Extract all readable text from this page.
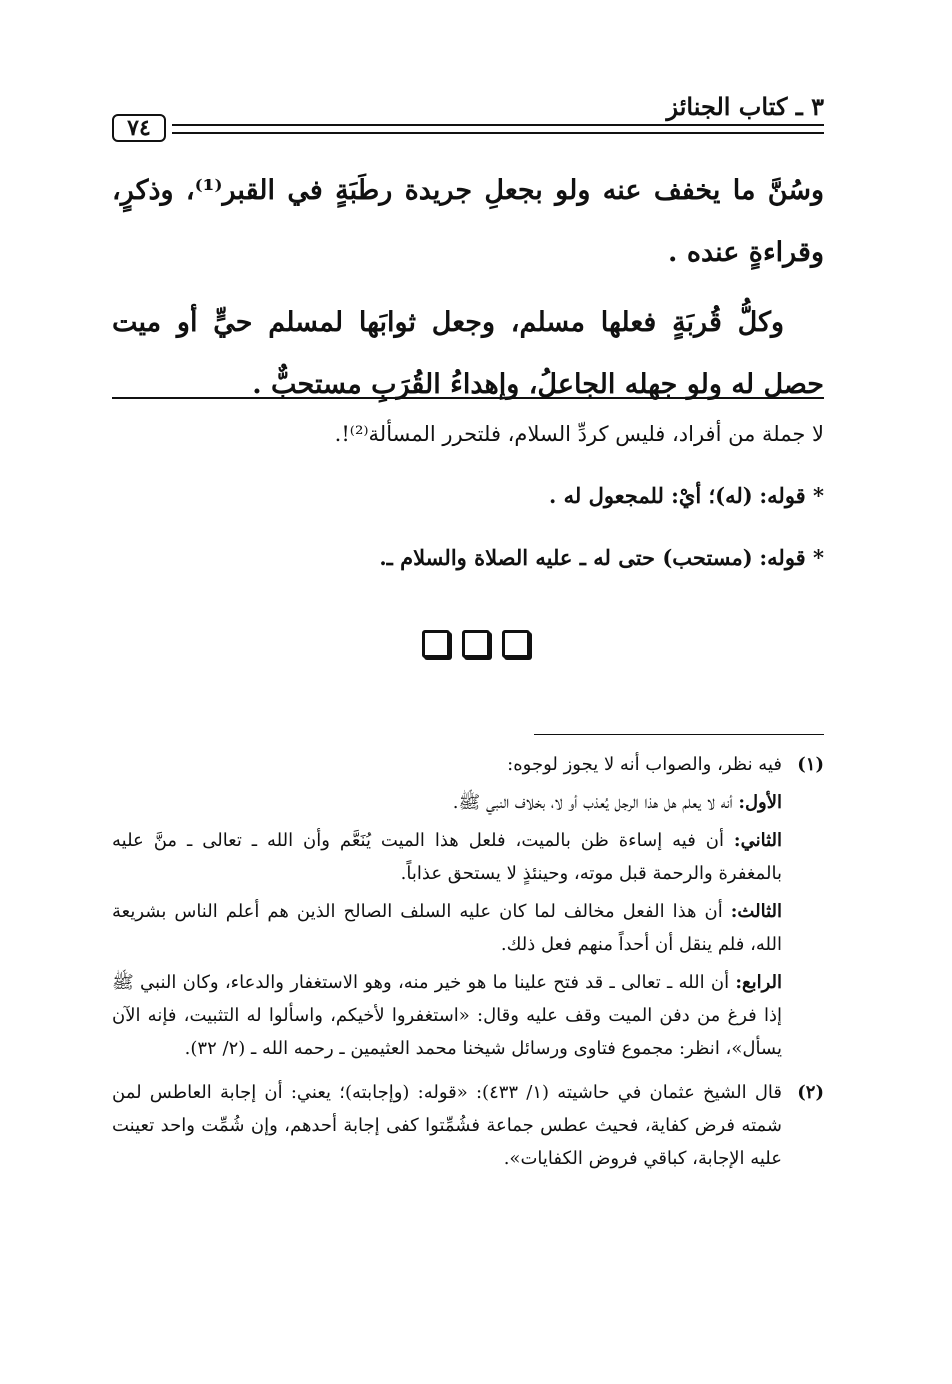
٣ ـ كتاب الجنائز
٧٤

وسُنَّ ما يخفف عنه ولو بجعلِ جريدة رطَبَةٍ في القبر⁽¹⁾، وذكرٍ، وقراءةٍ عنده .

وكلُّ قُربَةٍ فعلها مسلم، وجعل ثوابَها لمسلم حيٍّ أو ميت حصل له ولو جهله الجاعلُ، وإهداءُ القُرَبِ مستحبٌّ .

لا جملة من أفراد، فليس كردِّ السلام، فلتحرر المسألة⁽²⁾!.

* قوله: (له)؛ أيْ: للمجعول له .

* قوله: (مستحب) حتى له ـ عليه الصلاة والسلام ـ.

(١)

فيه نظر، والصواب أنه لا يجوز لوجوه:

الأول: أنه لا يعلم هل هذا الرجل يُعذب أو لا، بخلاف النبي ﷺ.

الثاني: أن فيه إساءة ظن بالميت، فلعل هذا الميت يُنَعَّم وأن الله ـ تعالى ـ منَّ عليه بالمغفرة والرحمة قبل موته، وحينئذٍ لا يستحق عذاباً.

الثالث: أن هذا الفعل مخالف لما كان عليه السلف الصالح الذين هم أعلم الناس بشريعة الله، فلم ينقل أن أحداً منهم فعل ذلك.

الرابع: أن الله ـ تعالى ـ قد فتح علينا ما هو خير منه، وهو الاستغفار والدعاء، وكان النبي ﷺ إذا فرغ من دفن الميت وقف عليه وقال: «استغفروا لأخيكم، واسألوا له التثبيت، فإنه الآن يسأل»، انظر: مجموع فتاوى ورسائل شيخنا محمد العثيمين ـ رحمه الله ـ (٢/ ٣٢).

(٢)

قال الشيخ عثمان في حاشيته (١/ ٤٣٣): «قوله: (وإجابته)؛ يعني: أن إجابة العاطس لمن شمته فرض كفاية، فحيث عطس جماعة فشُمِّتوا كفى إجابة أحدهم، وإن شُمِّت واحد تعينت عليه الإجابة، كباقي فروض الكفايات».
